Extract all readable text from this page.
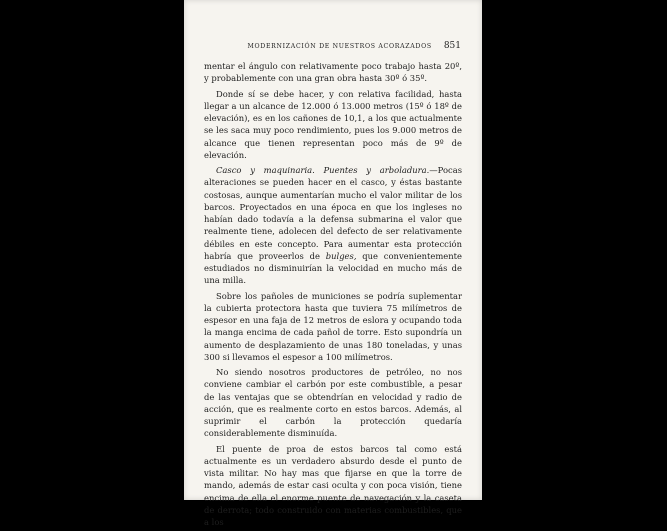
MODERNIZACIÓN DE NUESTROS ACORAZADOS 851

mentar el ángulo con relativamente poco trabajo hasta 20º, y probablemente con una gran obra hasta 30º ó 35º.

Donde sí se debe hacer, y con relativa facilidad, hasta llegar a un alcance de 12.000 ó 13.000 metros (15º ó 18º de elevación), es en los cañones de 10,1, a los que actualmente se les saca muy poco rendimiento, pues los 9.000 metros de alcance que tienen representan poco más de 9º de elevación.

Casco y maquinaria. Puentes y arboladura.—Pocas alteraciones se pueden hacer en el casco, y éstas bastante costosas, aunque aumentarían mucho el valor militar de los barcos. Proyectados en una época en que los ingleses no habían dado todavía a la defensa submarina el valor que realmente tiene, adolecen del defecto de ser relativamente débiles en este concepto. Para aumentar esta protección habría que proveerlos de bulges, que convenientemente estudiados no disminuirían la velocidad en mucho más de una milla.

Sobre los pañoles de municiones se podría suplementar la cubierta protectora hasta que tuviera 75 milímetros de espesor en una faja de 12 metros de eslora y ocupando toda la manga encima de cada pañol de torre. Esto supondría un aumento de desplazamiento de unas 180 toneladas, y unas 300 si llevamos el espesor a 100 milímetros.

No siendo nosotros productores de petróleo, no nos conviene cambiar el carbón por este combustible, a pesar de las ventajas que se obtendrían en velocidad y radio de acción, que es realmente corto en estos barcos. Además, al suprimir el carbón la protección quedaría considerablemente disminuída.

El puente de proa de estos barcos tal como está actualmente es un verdadero absurdo desde el punto de vista militar. No hay mas que fijarse en que la torre de mando, además de estar casi oculta y con poca visión, tiene encima de ella el enorme puente de navegación y la caseta de derrota; todo construido con materias combustibles, que a los
